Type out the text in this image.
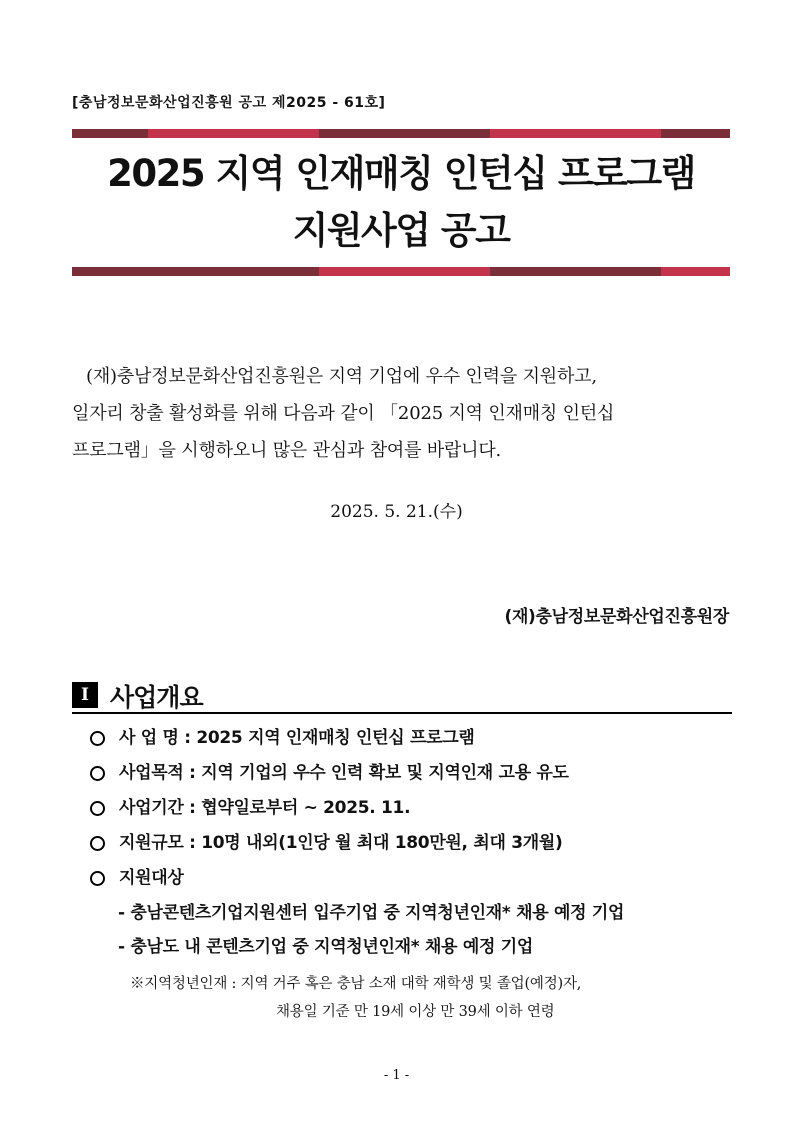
[충남정보문화산업진흥원 공고 제2025 - 61호]
2025 지역 인재매칭 인턴십 프로그램
지원사업 공고

(재)충남정보문화산업진흥원은 지역 기업에 우수 인력을 지원하고,

일자리 창출 활성화를 위해 다음과 같이 「2025 지역 인재매칭 인턴십

프로그램」을 시행하오니 많은 관심과 참여를 바랍니다.

2025. 5. 21.(수)
(재)충남정보문화산업진흥원장
I 사업개요
사 업 명 : 2025 지역 인재매칭 인턴십 프로그램
사업목적 : 지역 기업의 우수 인력 확보 및 지역인재 고용 유도
사업기간 : 협약일로부터 ~ 2025. 11.
지원규모 : 10명 내외(1인당 월 최대 180만원, 최대 3개월)
지원대상
- 충남콘텐츠기업지원센터 입주기업 중 지역청년인재* 채용 예정 기업
- 충남도 내 콘텐츠기업 중 지역청년인재* 채용 예정 기업
※지역청년인재 : 지역 거주 혹은 충남 소재 대학 재학생 및 졸업(예정)자,
채용일 기준 만 19세 이상 만 39세 이하 연령
- 1 -
